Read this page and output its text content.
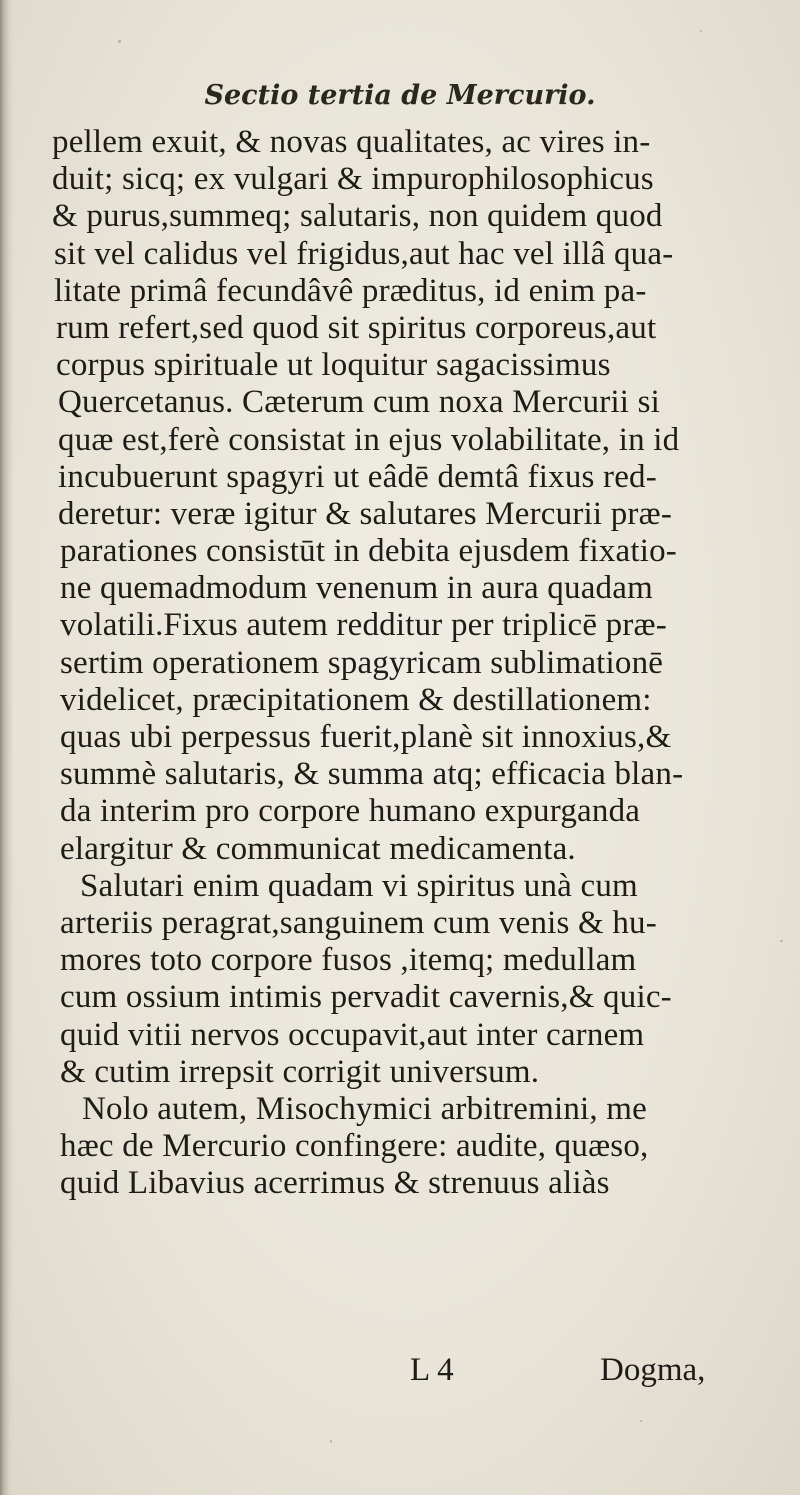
Sectio tertia de Mercurio.
pellem exuit, & novas qualitates, ac vires in-
duit; sicq; ex vulgari & impurophilosophicus
& purus,summeq; salutaris, non quidem quod
sit vel calidus vel frigidus,aut hac vel illâ qua-
litate primâ fecundâvê præditus, id enim pa-
rum refert,sed quod sit spiritus corporeus,aut
corpus spirituale ut loquitur sagacissimus
Quercetanus. Cæterum cum noxa Mercurii si
quæ est,ferè consistat in ejus volabilitate, in id
incubuerunt spagyri ut eâdē demtâ fixus red-
deretur: veræ igitur & salutares Mercurii præ-
parationes consistūt in debita ejusdem fixatio-
ne quemadmodum venenum in aura quadam
volatili.Fixus autem redditur per triplicē præ-
sertim operationem spagyricam sublimationē
videlicet, præcipitationem & destillationem:
quas ubi perpessus fuerit,planè sit innoxius,&
summè salutaris, & summa atq; efficacia blan-
da interim pro corpore humano expurganda
elargitur & communicat medicamenta.
Salutari enim quadam vi spiritus unà cum
arteriis peragrat,sanguinem cum venis & hu-
mores toto corpore fusos ,itemq; medullam
cum ossium intimis pervadit cavernis,& quic-
quid vitii nervos occupavit,aut inter carnem
& cutim irrepsit corrigit universum.
Nolo autem, Misochymici arbitremini, me
hæc de Mercurio confingere: audite, quæso,
quid Libavius acerrimus & strenuus aliàs
L 4	Dogma,
